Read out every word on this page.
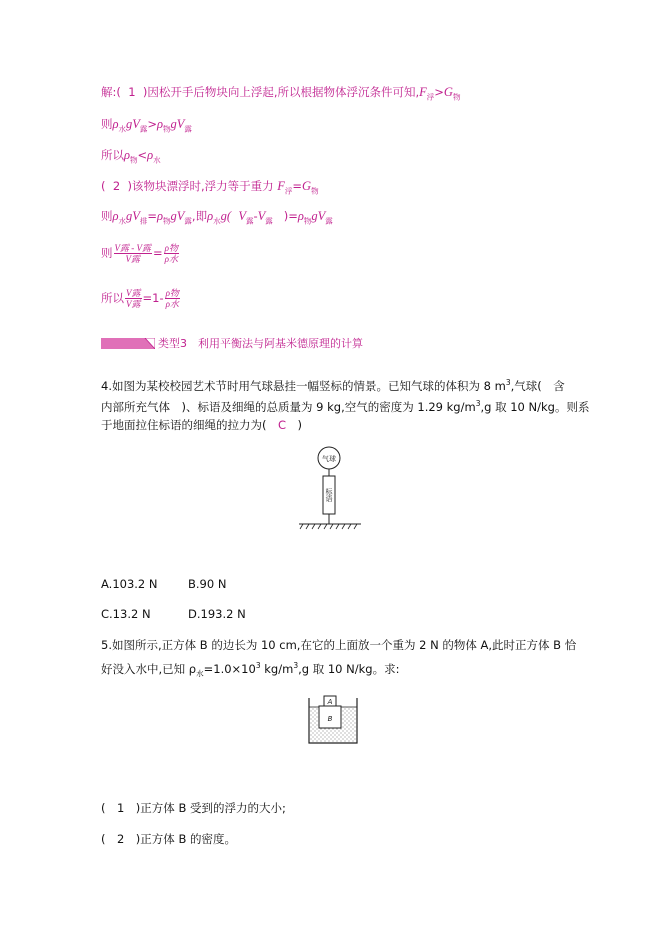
解:( 1 )因松开手后物块向上浮起,所以根据物体浮沉条件可知$,F_浮>G_物$
则$\rho_水gV_露>\rho_物gV_露$
所以$\rho_物<\rho_水$
( 2 )该物块漂浮时,浮力等于重力 $F_浮=G_物$
则$\rho_水gV_排=\rho_物gV_露$,即$\rho_水g$( $V_露-V_露$ )$=\rho_物gV_露$
则 $\frac{\text{V露 - V露}}{\text{V露}} = \frac{\text{ρ物}}{\text{ρ水}}$
所以 $\frac{\text{V露}}{\text{V露}} =1- \frac{\text{ρ物}}{\text{ρ水}}$
类型3　利用平衡法与阿基米德原理的计算
4.如图为某校校园艺术节时用气球悬挂一幅竖标的情景。已知气球的体积为 8 $m^3$,气球(　含
内部所充气体　)、标语及细绳的总质量为 9 kg,空气的密度为 1.29 $kg/m^3,g$ 取 10 N/kg。则系
于地面拉住标语的细绳的拉力为(　C　)
气球
标语
A.103.2 N	B.90 N
C.13.2 N	D.193.2 N
5.如图所示,正方体 B 的边长为 10 cm,在它的上面放一个重为 2 N 的物体 A,此时正方体 B 恰
好没入水中,已知 $\rho_水=1.0\times 10^3$ $kg/m^3,g$ 取 10 N/kg。求:
B
A
(　1　)正方体 B 受到的浮力的大小;
(　2　)正方体 B 的密度。
